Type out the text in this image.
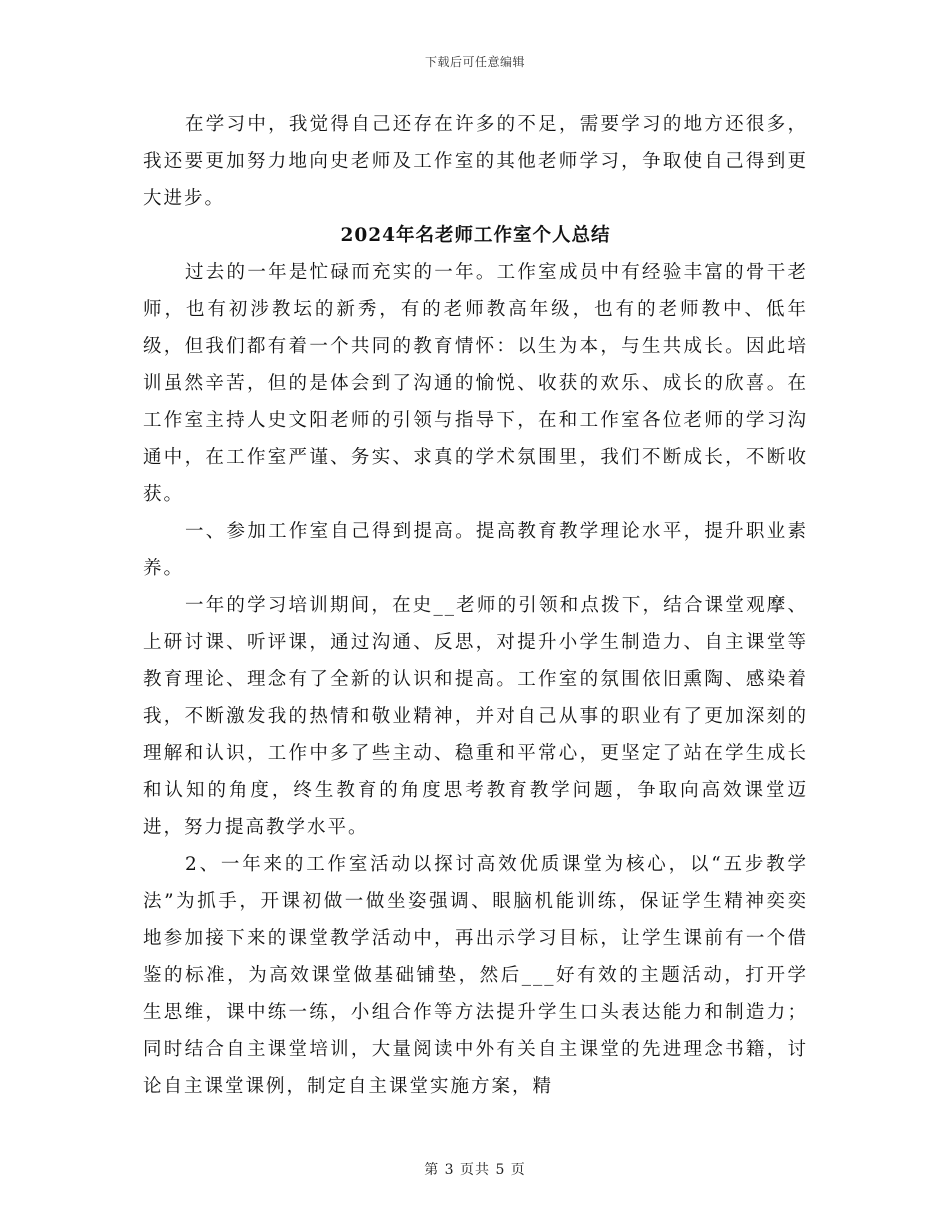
下载后可任意编辑

在学习中，我觉得自己还存在许多的不足，需要学习的地方还很多，我还要更加努力地向史老师及工作室的其他老师学习，争取使自己得到更大进步。

2024年名老师工作室个人总结

过去的一年是忙碌而充实的一年。工作室成员中有经验丰富的骨干老师，也有初涉教坛的新秀，有的老师教高年级，也有的老师教中、低年级，但我们都有着一个共同的教育情怀：以生为本，与生共成长。因此培训虽然辛苦，但的是体会到了沟通的愉悦、收获的欢乐、成长的欣喜。在工作室主持人史文阳老师的引领与指导下，在和工作室各位老师的学习沟通中，在工作室严谨、务实、求真的学术氛围里，我们不断成长，不断收获。

一、参加工作室自己得到提高。提高教育教学理论水平，提升职业素养。

一年的学习培训期间，在史__老师的引领和点拨下，结合课堂观摩、上研讨课、听评课，通过沟通、反思，对提升小学生制造力、自主课堂等教育理论、理念有了全新的认识和提高。工作室的氛围依旧熏陶、感染着我，不断激发我的热情和敬业精神，并对自己从事的职业有了更加深刻的理解和认识，工作中多了些主动、稳重和平常心，更坚定了站在学生成长和认知的角度，终生教育的角度思考教育教学问题，争取向高效课堂迈进，努力提高教学水平。

2、一年来的工作室活动以探讨高效优质课堂为核心，以“五步教学法”为抓手，开课初做一做坐姿强调、眼脑机能训练，保证学生精神奕奕地参加接下来的课堂教学活动中，再出示学习目标，让学生课前有一个借鉴的标准，为高效课堂做基础铺垫，然后___好有效的主题活动，打开学生思维，课中练一练，小组合作等方法提升学生口头表达能力和制造力；同时结合自主课堂培训，大量阅读中外有关自主课堂的先进理念书籍，讨论自主课堂课例，制定自主课堂实施方案，精

第 3 页共 5 页
